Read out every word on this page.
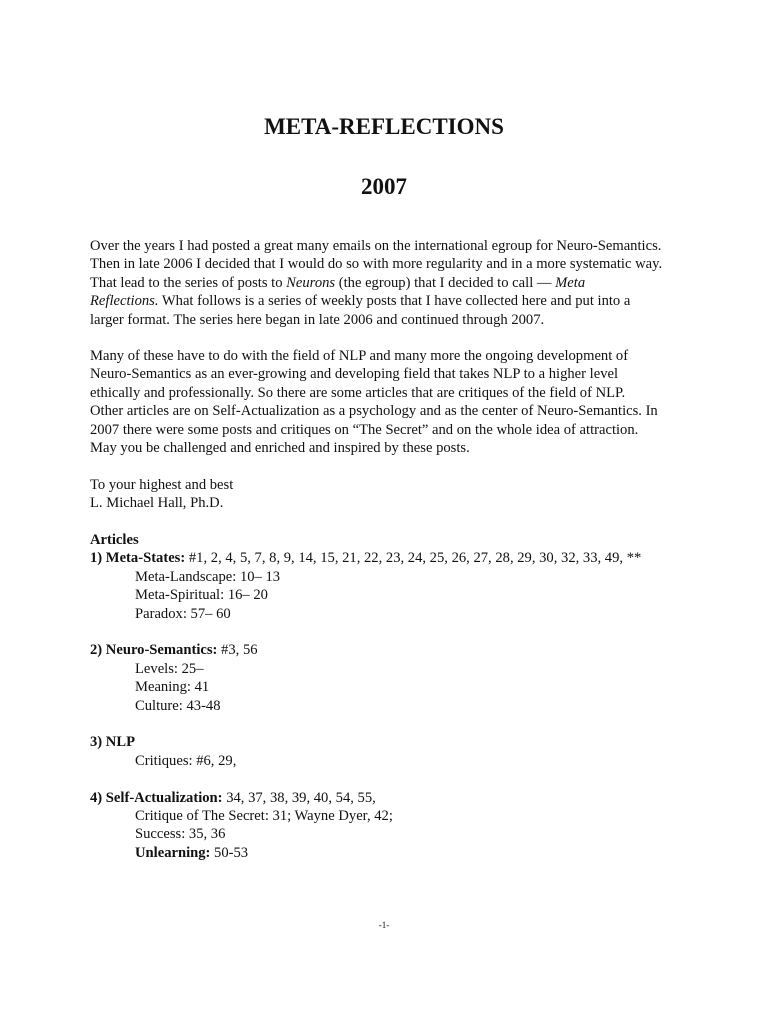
META-REFLECTIONS
2007

Over the years I had posted a great many emails on the international egroup for Neuro-Semantics.
Then in late 2006 I decided that I would do so with more regularity and in a more systematic way.
That lead to the series of posts to Neurons (the egroup) that I decided to call — Meta
Reflections. What follows is a series of weekly posts that I have collected here and put into a
larger format. The series here began in late 2006 and continued through 2007.

Many of these have to do with the field of NLP and many more the ongoing development of
Neuro-Semantics as an ever-growing and developing field that takes NLP to a higher level
ethically and professionally. So there are some articles that are critiques of the field of NLP.
Other articles are on Self-Actualization as a psychology and as the center of Neuro-Semantics. In
2007 there were some posts and critiques on “The Secret” and on the whole idea of attraction.
May you be challenged and enriched and inspired by these posts.

To your highest and best
L. Michael Hall, Ph.D.

Articles
1) Meta-States: #1, 2, 4, 5, 7, 8, 9, 14, 15, 21, 22, 23, 24, 25, 26, 27, 28, 29, 30, 32, 33, 49, **
Meta-Landscape: 10– 13
Meta-Spiritual: 16– 20
Paradox: 57– 60
2) Neuro-Semantics: #3, 56
Levels: 25–
Meaning: 41
Culture: 43-48
3) NLP
Critiques: #6, 29,
4) Self-Actualization: 34, 37, 38, 39, 40, 54, 55,
Critique of The Secret: 31; Wayne Dyer, 42;
Success: 35, 36
Unlearning: 50-53
-1-
